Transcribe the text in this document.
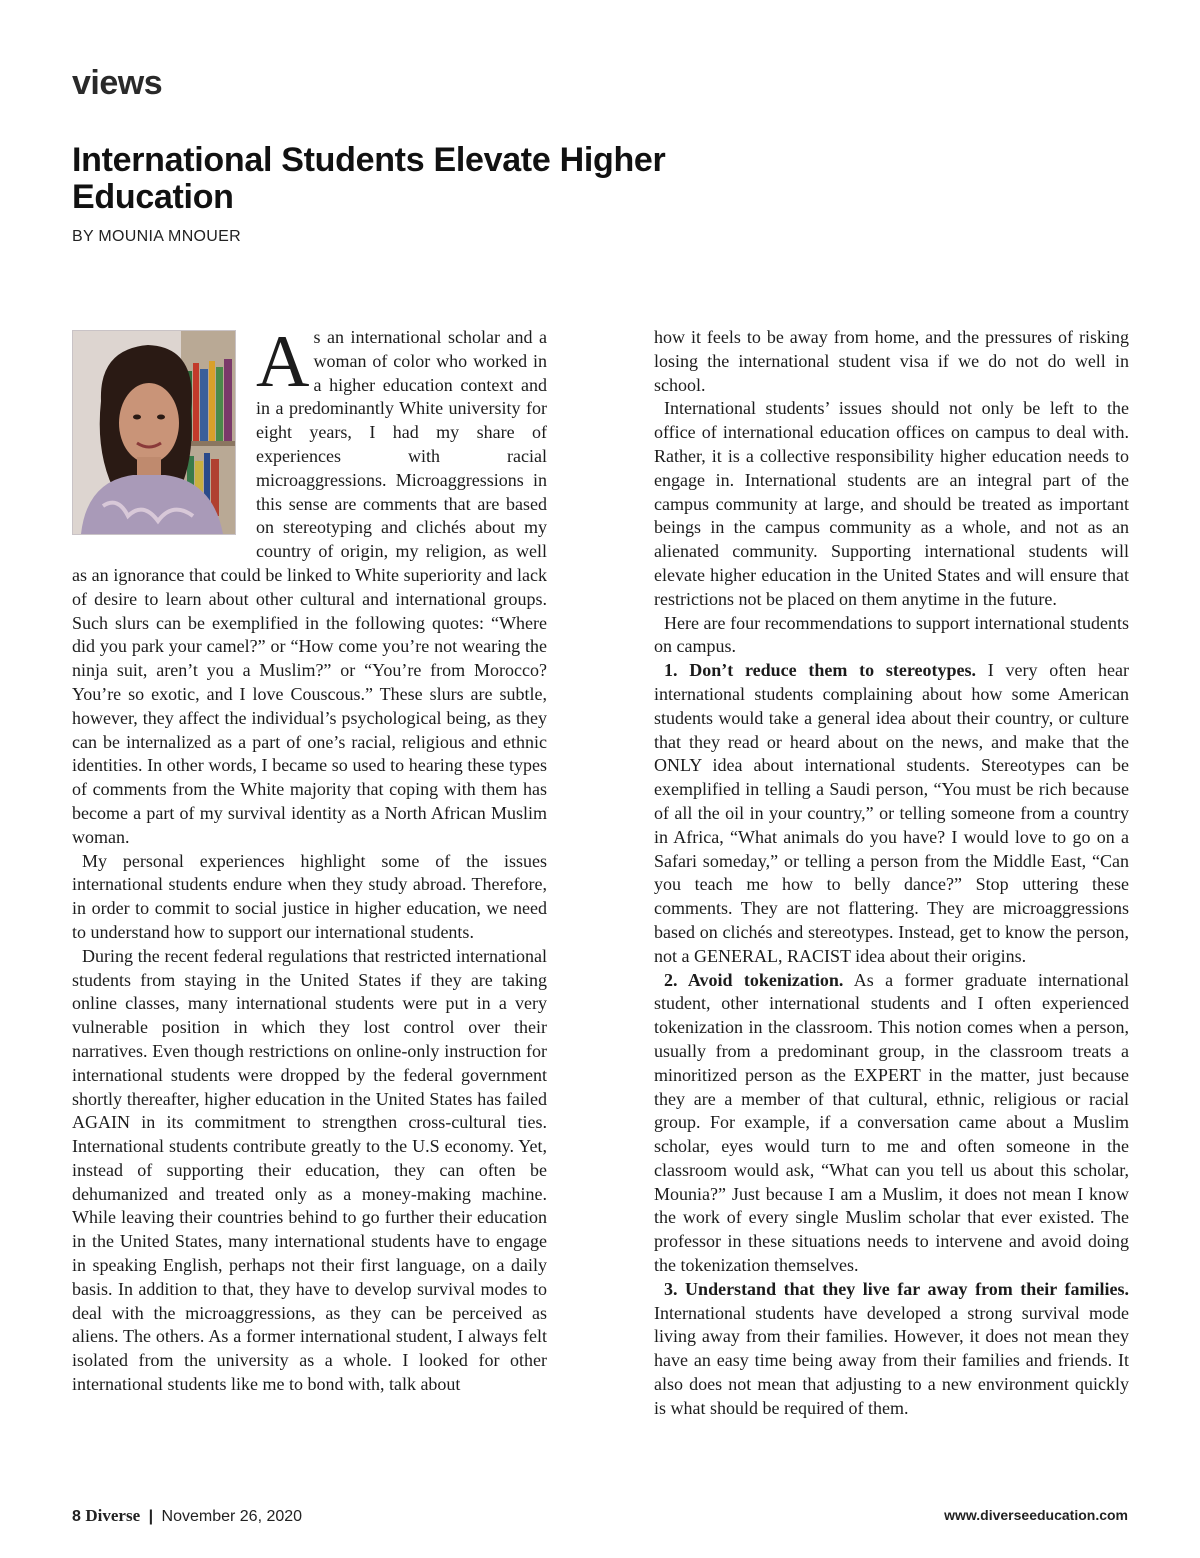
views
International Students Elevate Higher Education
BY MOUNIA MNOUER

As an international scholar and a woman of color who worked in a higher education context and in a predominantly White university for eight years, I had my share of experiences with racial microaggressions. Microaggressions in this sense are comments that are based on stereotyping and clichés about my country of origin, my religion, as well as an ignorance that could be linked to White superiority and lack of desire to learn about other cultural and international groups. Such slurs can be exemplified in the following quotes: “Where did you park your camel?” or “How come you’re not wearing the ninja suit, aren’t you a Muslim?” or “You’re from Morocco? You’re so exotic, and I love Couscous.” These slurs are subtle, however, they affect the individual’s psychological being, as they can be internalized as a part of one’s racial, religious and ethnic identities. In other words, I became so used to hearing these types of comments from the White majority that coping with them has become a part of my survival identity as a North African Muslim woman.

My personal experiences highlight some of the issues international students endure when they study abroad. Therefore, in order to commit to social justice in higher education, we need to understand how to support our international students.

During the recent federal regulations that restricted international students from staying in the United States if they are taking online classes, many international students were put in a very vulnerable position in which they lost control over their narratives. Even though restrictions on online-only instruction for international students were dropped by the federal government shortly thereafter, higher education in the United States has failed AGAIN in its commitment to strengthen cross-cultural ties. International students contribute greatly to the U.S economy. Yet, instead of supporting their education, they can often be dehumanized and treated only as a money-making machine. While leaving their countries behind to go further their education in the United States, many international students have to engage in speaking English, perhaps not their first language, on a daily basis. In addition to that, they have to develop survival modes to deal with the microaggressions, as they can be perceived as aliens. The others. As a former international student, I always felt isolated from the university as a whole. I looked for other international students like me to bond with, talk about

how it feels to be away from home, and the pressures of risking losing the international student visa if we do not do well in school.

International students’ issues should not only be left to the office of international education offices on campus to deal with. Rather, it is a collective responsibility higher education needs to engage in. International students are an integral part of the campus community at large, and should be treated as important beings in the campus community as a whole, and not as an alienated community. Supporting international students will elevate higher education in the United States and will ensure that restrictions not be placed on them anytime in the future.

Here are four recommendations to support international students on campus.

1. Don’t reduce them to stereotypes. I very often hear international students complaining about how some American students would take a general idea about their country, or culture that they read or heard about on the news, and make that the ONLY idea about international students. Stereotypes can be exemplified in telling a Saudi person, “You must be rich because of all the oil in your country,” or telling someone from a country in Africa, “What animals do you have? I would love to go on a Safari someday,” or telling a person from the Middle East, “Can you teach me how to belly dance?” Stop uttering these comments. They are not flattering. They are microaggressions based on clichés and stereotypes. Instead, get to know the person, not a GENERAL, RACIST idea about their origins.

2. Avoid tokenization. As a former graduate international student, other international students and I often experienced tokenization in the classroom. This notion comes when a person, usually from a predominant group, in the classroom treats a minoritized person as the EXPERT in the matter, just because they are a member of that cultural, ethnic, religious or racial group. For example, if a conversation came about a Muslim scholar, eyes would turn to me and often someone in the classroom would ask, “What can you tell us about this scholar, Mounia?” Just because I am a Muslim, it does not mean I know the work of every single Muslim scholar that ever existed. The professor in these situations needs to intervene and avoid doing the tokenization themselves.

3. Understand that they live far away from their families. International students have developed a strong survival mode living away from their families. However, it does not mean they have an easy time being away from their families and friends. It also does not mean that adjusting to a new environment quickly is what should be required of them.

8 Diverse | November 26, 2020	www.diverseeducation.com
